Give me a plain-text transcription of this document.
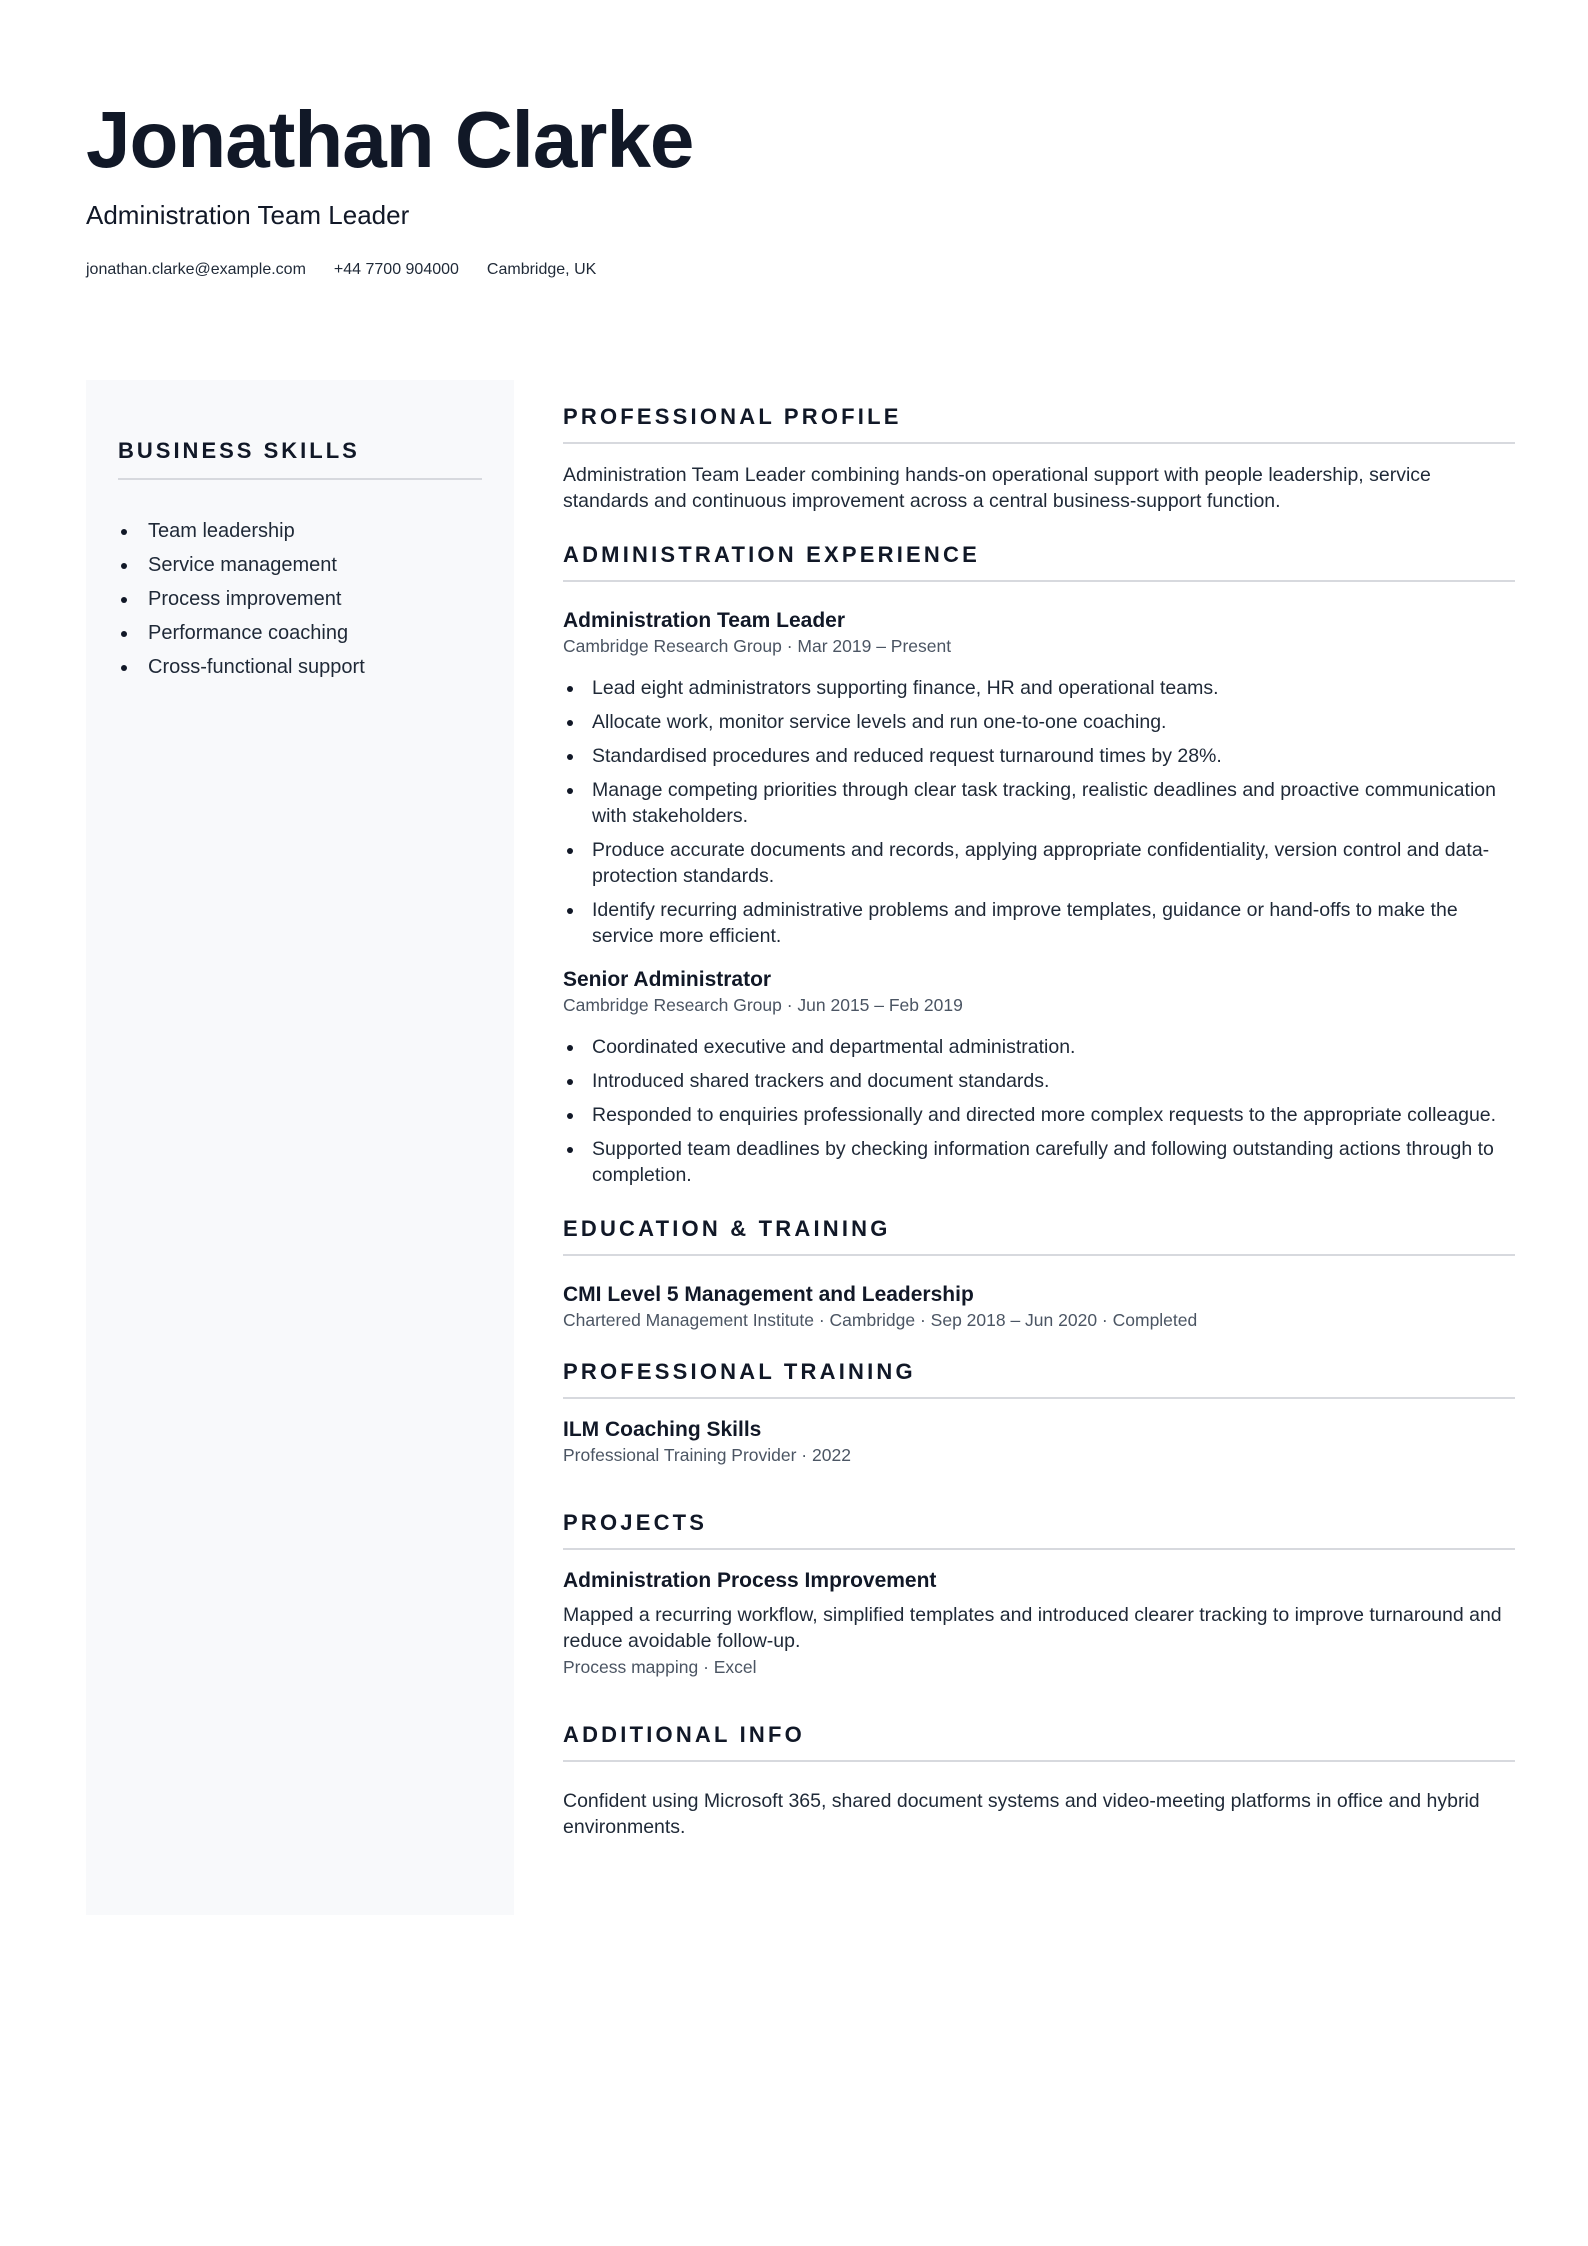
Jonathan Clarke
Administration Team Leader
jonathan.clarke@example.com +44 7700 904000 Cambridge, UK
BUSINESS SKILLS
Team leadership
Service management
Process improvement
Performance coaching
Cross-functional support
PROFESSIONAL PROFILE

Administration Team Leader combining hands-on operational support with people leadership, service standards and continuous improvement across a central business-support function.

ADMINISTRATION EXPERIENCE
Administration Team Leader
Cambridge Research Group · Mar 2019 – Present
Lead eight administrators supporting finance, HR and operational teams.
Allocate work, monitor service levels and run one-to-one coaching.
Standardised procedures and reduced request turnaround times by 28%.
Manage competing priorities through clear task tracking, realistic deadlines and proactive communication with stakeholders.
Produce accurate documents and records, applying appropriate confidentiality, version control and data-protection standards.
Identify recurring administrative problems and improve templates, guidance or hand-offs to make the service more efficient.
Senior Administrator
Cambridge Research Group · Jun 2015 – Feb 2019
Coordinated executive and departmental administration.
Introduced shared trackers and document standards.
Responded to enquiries professionally and directed more complex requests to the appropriate colleague.
Supported team deadlines by checking information carefully and following outstanding actions through to completion.
EDUCATION & TRAINING
CMI Level 5 Management and Leadership
Chartered Management Institute · Cambridge · Sep 2018 – Jun 2020 · Completed
PROFESSIONAL TRAINING
ILM Coaching Skills
Professional Training Provider · 2022
PROJECTS
Administration Process Improvement

Mapped a recurring workflow, simplified templates and introduced clearer tracking to improve turnaround and reduce avoidable follow-up.

Process mapping · Excel
ADDITIONAL INFO

Confident using Microsoft 365, shared document systems and video-meeting platforms in office and hybrid environments.
